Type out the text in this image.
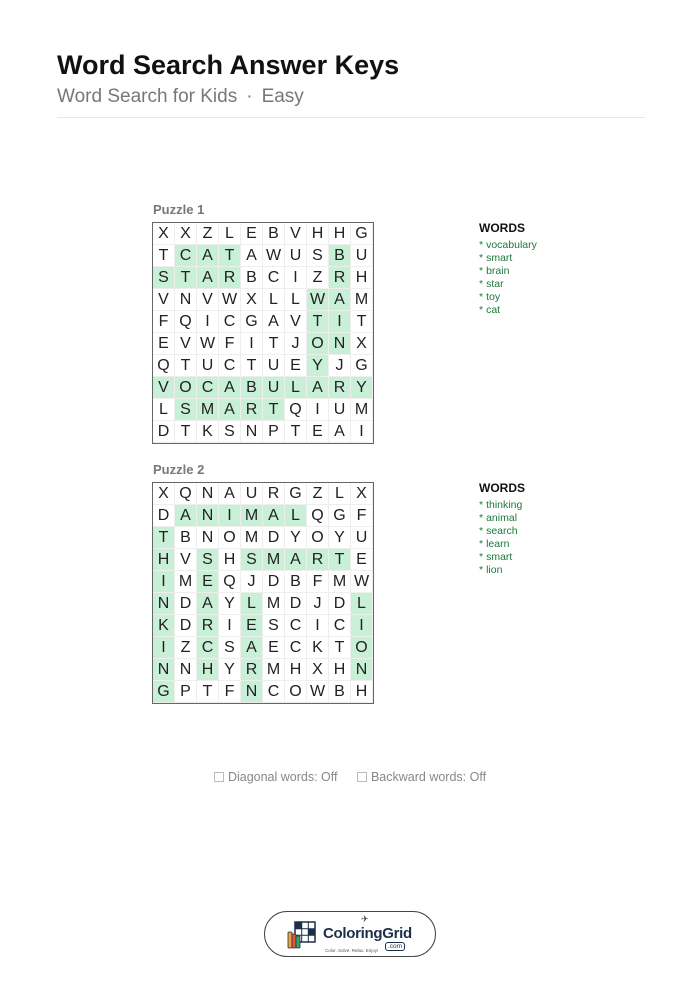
Word Search Answer Keys
Word Search for Kids · Easy
Puzzle 1
X X Z L E B V H H G
T C A T A W U S B U
S T A R B C I Z R H
V N V W X L L W A M
F Q I C G A V T I T
E V W F I T J O N X
Q T U C T U E Y J G
V O C A B U L A R Y
L S M A R T Q I U M
D T K S N P T E A I
WORDS
* vocabulary
* smart
* brain
* star
* toy
* cat
Puzzle 2
X Q N A U R G Z L X
D A N I M A L Q G F
T B N O M D Y O Y U
H V S H S M A R T E
I M E Q J D B F M W
N D A Y L M D J D L
K D R I E S C I C I
I Z C S A E C K T O
N N H Y R M H X H N
G P T F N C O W B H
WORDS
* thinking
* animal
* search
* learn
* smart
* lion
Diagonal words: Off
	Backward words: Off
✈
ColoringGrid
.com
Color. Solve. Relax. Enjoy!
